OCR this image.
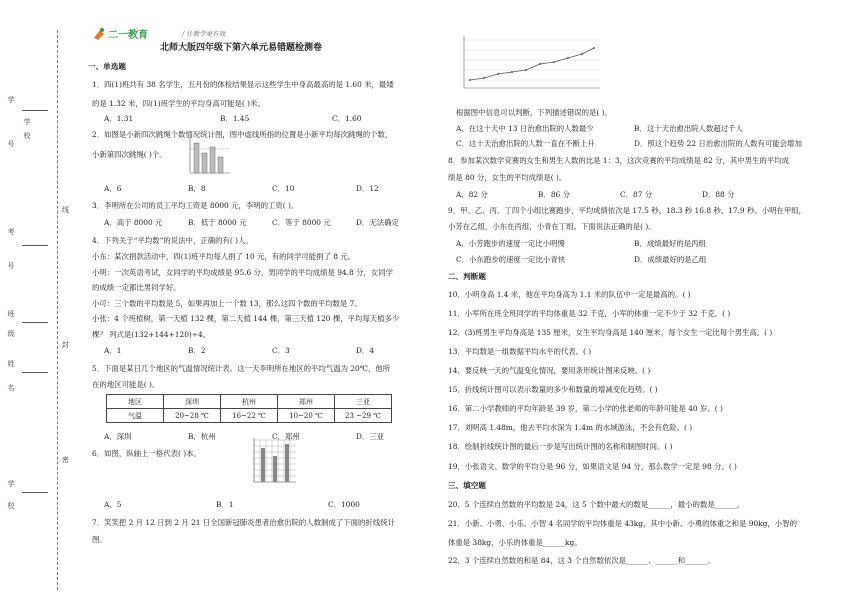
学
号
考
号
班
级
姓
名
学
校
学
校
线
封
密
二一教育	/ 让教学更有效
北师大版四年级下第六单元易错题检测卷
一、单选题
1．四(1)班共有 38 名学生，五月份的体检结果显示这些学生中身高最高的是 1.60 米，最矮
的是 1.32 米，四(1)班学生的平均身高可能是( )米。
A．1.31	B．1.45	C．1.60
2．如图是小新四次跳绳个数情况统计图，图中虚线所指的位置是小新平均每次跳绳的个数，
小新第四次跳绳( )个。
A．6	B．8	C．10	D．12
3．李明所在公司的员工平均工资是 8000 元，李明的工资( )。
A．高于 8000 元	B．低于 8000 元	C．等于 8000 元	D．无法确定
4．下列关于“平均数”的说法中，正确的有( )人。
小东：某次捐款活动中，四(1)班平均每人捐了 10 元，有的同学可能捐了 8 元。
小明：一次英语考试，女同学的平均成绩是 95.6 分，男同学的平均成绩是 94.8 分，女同学
的成绩一定都比男同学好。
小可：三个数的平均数是 5，如果再加上一个数 13，那么这四个数的平均数是 7。
小张：4 个班植树，第一天植 132 棵，第二天植 144 棵，第三天植 120 棵，平均每天植多少
棵？ 列式是(132+144+120)÷4。
A．1	B．2	C．3	D．4
5．下面是某日几个地区的气温情况统计表。这一天李明所在地区的平均气温为 20℃，他所
在的地区可能是( )。
地区	深圳	杭州	郑州	三亚
气温	20~28 ℃	16~22 ℃	10~20 ℃	23 ~29 ℃
A．深圳	B．杭州	C．郑州	D．三亚
6．如图，纵轴上一格代表( )本。
A．5	B．1	C．1000
7．笑笑把 2 月 12 日到 2 月 21 日全国新冠肺炎患者治愈出院的人数制成了下面的折线统计
图。
根据图中信息可以判断，下列描述错误的是( )。
A．在这十天中 13 日治愈出院的人数最少	B．这十天治愈出院人数超过千人
C．这十天治愈出院的人数一直在不断上升	D．照这个趋势 22 日治愈出院的人数有可能会增加
8．参加某次数学竞赛的女生和男生人数的比是 1：3，这次竞赛的平均成绩是 82 分，其中男生的平均成
绩是 80 分，女生的平均成绩是( )。
A．82 分	B．86 分	C．87 分	D．88 分
9．甲、乙、丙、丁四个小组比赛跑步，平均成绩依次是 17.5 秒、18.3 秒 16.8 秒、17.9 秒。小明在甲组，
小芳在乙组，小东在丙组，小青在丁组。下面说法正确的是( )。
A．小芳跑步的速度一定比小明慢	B．成绩最好的是丙组
C．小东跑步的速度一定比小青快	D．成绩最好的是乙组
二、判断题
10．小明身高 1.4 米，他在平均身高为 1.1 米的队伍中一定是最高的。( )
11．小军所在班全班同学的平均体重是 32 千克，小军的体重一定不少于 32 千克。( )
12．(3)班男生平均身高是 135 厘米，女生平均身高是 140 厘米，每个女生一定比每个男生高。( )
13．平均数是一组数据平均水平的代表。( )
14．要反映一天的气温变化情况，要用条形统计图来反映。( )
15．折线统计图可以表示数量的多少和数量的增减变化趋势。( )
16．第二小学教师的平均年龄是 39 岁，第二小学的张老师的年龄可能是 40 岁。( )
17．刘明高 1.48m，他去平均水深为 1.4m 的水域游泳，不会有危险。( )
18．绘制折线统计图的最后一步是写出统计图的名称和制图时间。( )
19．小张语文、数学的平均分是 96 分，如果语文是 94 分，那么数学一定是 98 分。( )
三、填空题
20．5 个连续自然数的平均数是 24，这 5 个数中最大的数是______，最小的数是______。
21．小新、小勇、小乐、小智 4 名同学的平均体重是 43kg，其中小新、小勇的体重之和是 90kg，小智的
体重是 38kg，小乐的体重是______kg。
22．3 个连续自然数的和是 84，这 3 个自然数依次是______、______和______。
